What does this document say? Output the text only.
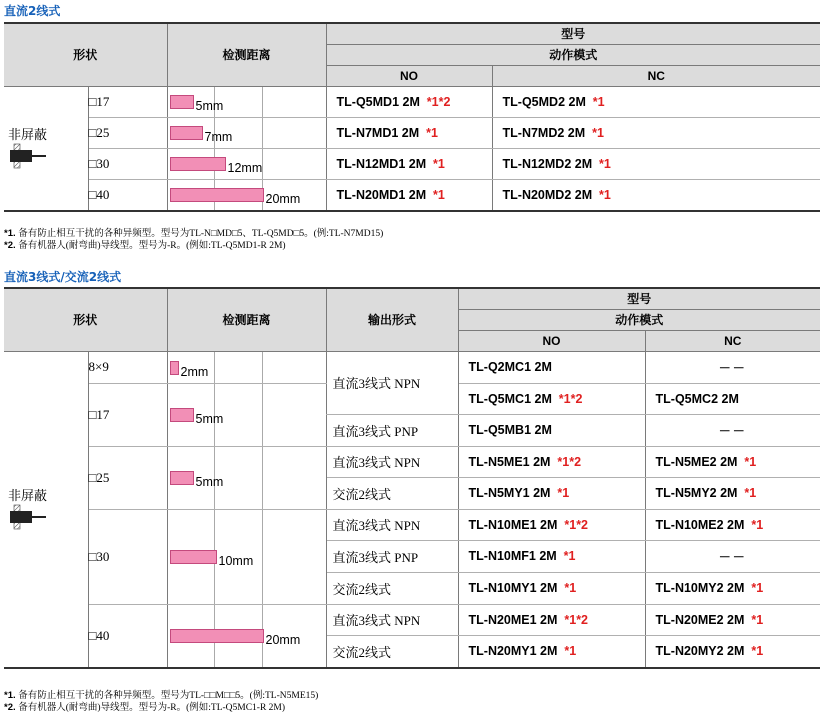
直流2线式
形状		检测距离	型号	
			动作模式	
			NO	NC

非屏蔽	□17	5mm	TL-Q5MD1 2M  *1*2	TL-Q5MD2 2M  *1
	□25	7mm	TL-N7MD1 2M  *1	TL-N7MD2 2M  *1
	□30	12mm	TL-N12MD1 2M  *1	TL-N12MD2 2M  *1
	□40	20mm	TL-N20MD1 2M  *1	TL-N20MD2 2M  *1
*1. 备有防止相互干扰的各种异频型。型号为TL-N□MD□5、TL-Q5MD□5。(例:TL-N7MD15)
*2. 备有机器人(耐弯曲)导线型。型号为-R。(例如:TL-Q5MD1-R 2M)
直流3线式/交流2线式
形状		检测距离	输出形式	型号	
				动作模式	
				NO	NC

非屏蔽	8×9	2mm	直流3线式 NPN	TL-Q2MC1 2M	－－
	□17	5mm		TL-Q5MC1 2M  *1*2	TL-Q5MC2 2M
			直流3线式 PNP	TL-Q5MB1 2M	－－
	□25	5mm	直流3线式 NPN	TL-N5ME1 2M  *1*2	TL-N5ME2 2M  *1
			交流2线式	TL-N5MY1 2M  *1	TL-N5MY2 2M  *1
	□30	10mm	直流3线式 NPN	TL-N10ME1 2M  *1*2	TL-N10ME2 2M  *1
			直流3线式 PNP	TL-N10MF1 2M  *1	－－
			交流2线式	TL-N10MY1 2M  *1	TL-N10MY2 2M  *1
	□40	20mm	直流3线式 NPN	TL-N20ME1 2M  *1*2	TL-N20ME2 2M  *1
			交流2线式	TL-N20MY1 2M  *1	TL-N20MY2 2M  *1
*1. 备有防止相互干扰的各种异频型。型号为TL-□□M□□5。(例:TL-N5ME15)
*2. 备有机器人(耐弯曲)导线型。型号为-R。(例如:TL-Q5MC1-R 2M)
